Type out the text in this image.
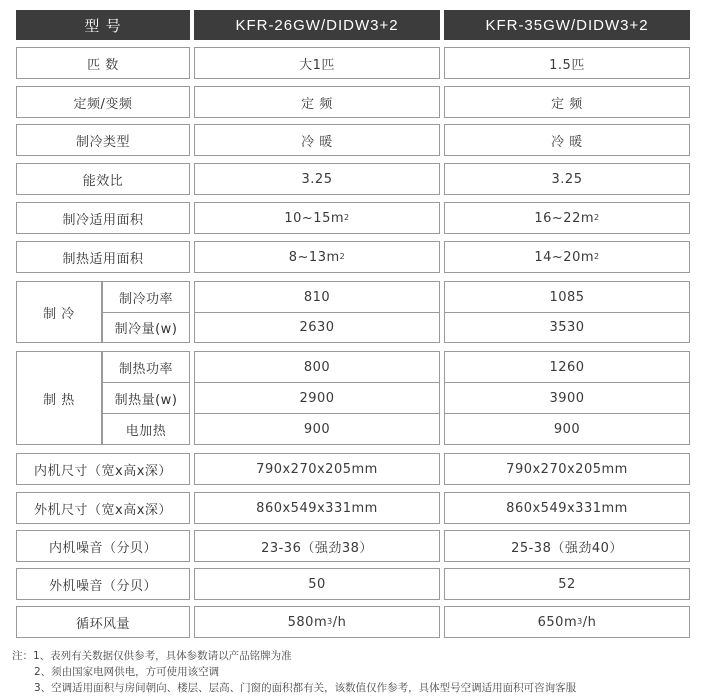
型 号	KFR-26GW/DIDW3+2	KFR-35GW/DIDW3+2
匹 数	大1匹	1.5匹
定频/变频	定 频	定 频
制冷类型	冷 暖	冷 暖
能效比	3.25	3.25
制冷适用面积	10~15m 2	16~22m 2
制热适用面积	8~13m 2	14~20m 2
制 冷
制冷功率	810	1085
制冷量(w)	2630	3530
制 热
制热功率	800	1260
制热量(w)	2900	3900
电加热	900	900
内机尺寸（宽x高x深）	790x270x205mm	790x270x205mm
外机尺寸（宽x高x深）	860x549x331mm	860x549x331mm
内机噪音（分贝）	23-36（强劲38）	25-38（强劲40）
外机噪音（分贝）	50	52
循环风量	580m 3 /h	650m 3 /h
注：1、表列有关数据仅供参考，具体参数请以产品铭牌为准
2、须由国家电网供电，方可使用该空调
3、空调适用面积与房间朝向、楼层、层高、门窗的面积都有关，该数值仅作参考，具体型号空调适用面积可咨询客服
